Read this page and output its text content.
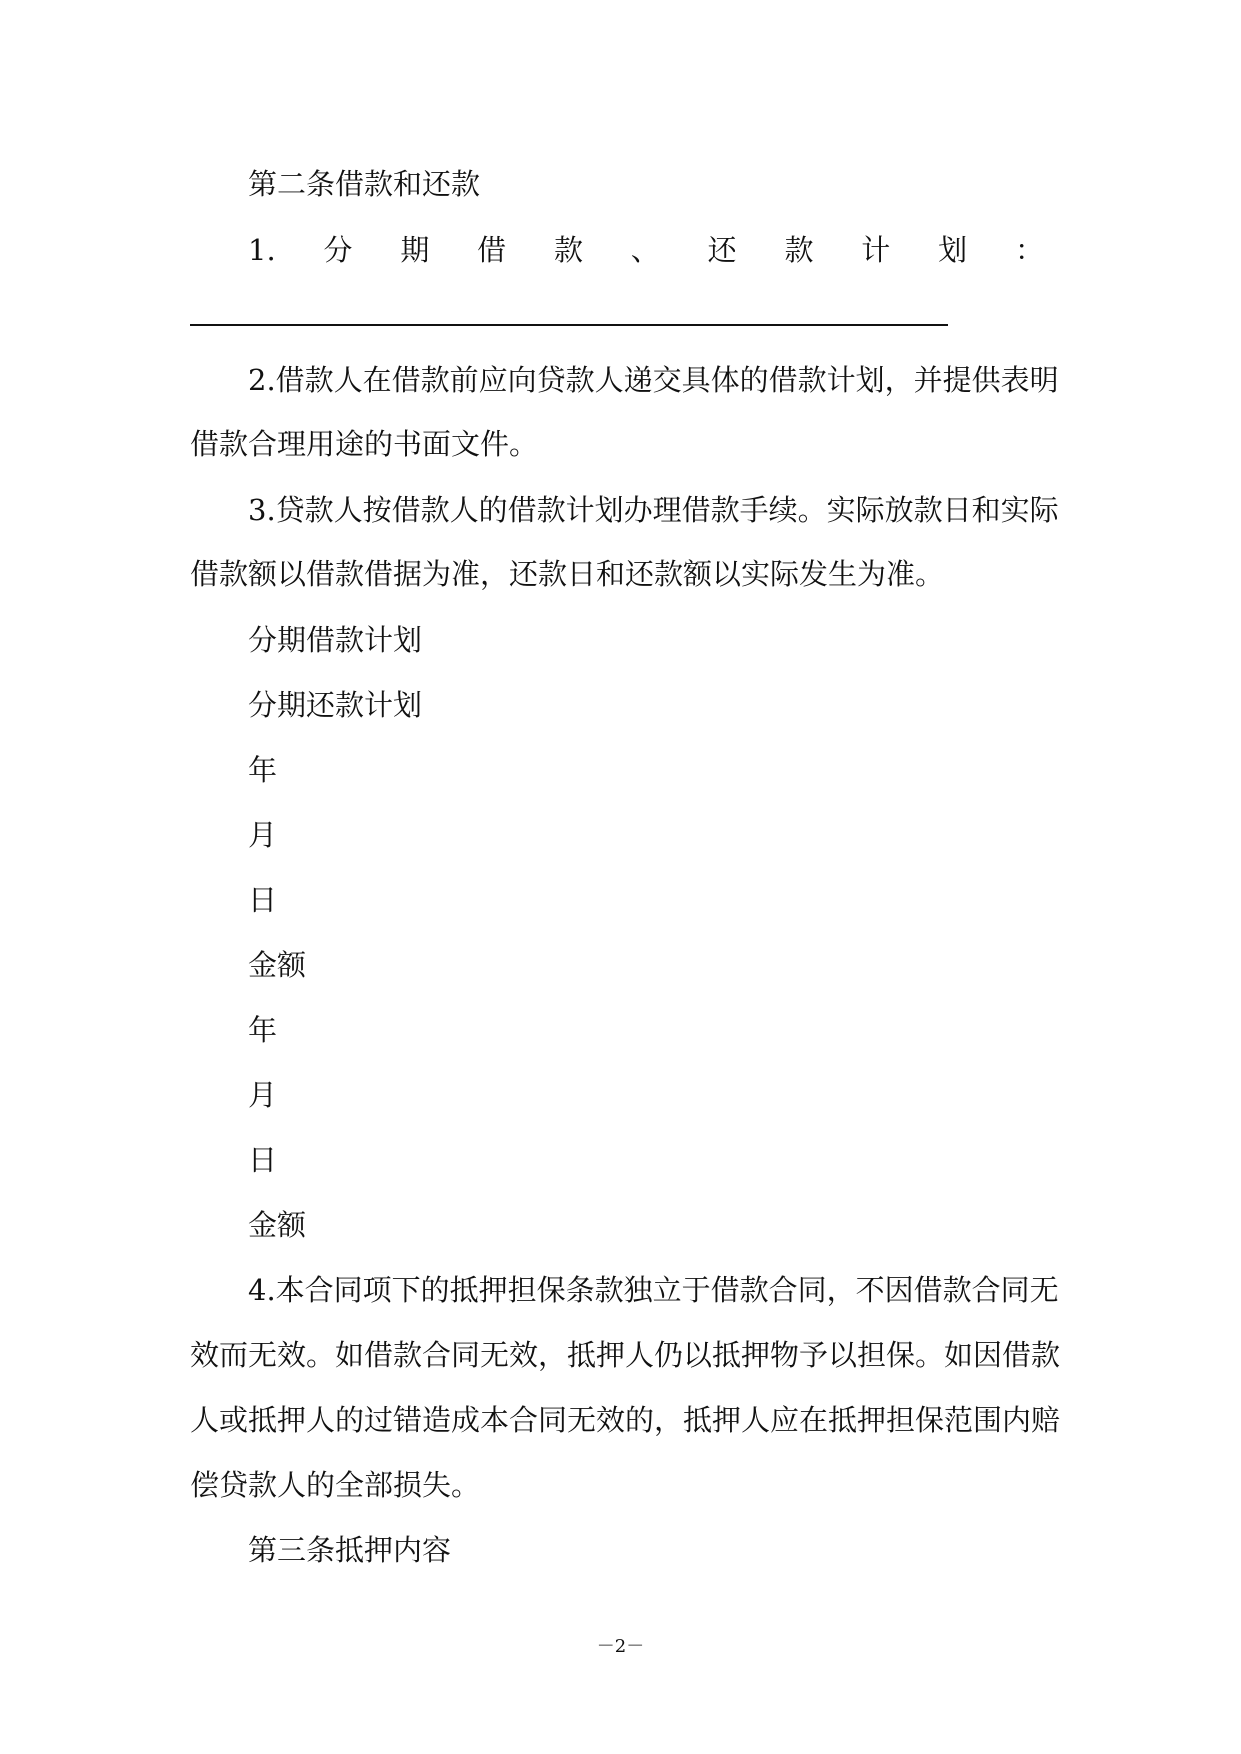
第二条借款和还款
1. 分 期 借 款 、 还 款 计 划 ：
2.借款人在借款前应向贷款人递交具体的借款计划，并提供表明
借款合理用途的书面文件。
3.贷款人按借款人的借款计划办理借款手续。实际放款日和实际
借款额以借款借据为准，还款日和还款额以实际发生为准。
分期借款计划
分期还款计划
年
月
日
金额
年
月
日
金额
4.本合同项下的抵押担保条款独立于借款合同，不因借款合同无
效而无效。如借款合同无效，抵押人仍以抵押物予以担保。如因借款
人或抵押人的过错造成本合同无效的，抵押人应在抵押担保范围内赔
偿贷款人的全部损失。
第三条抵押内容
－2－
